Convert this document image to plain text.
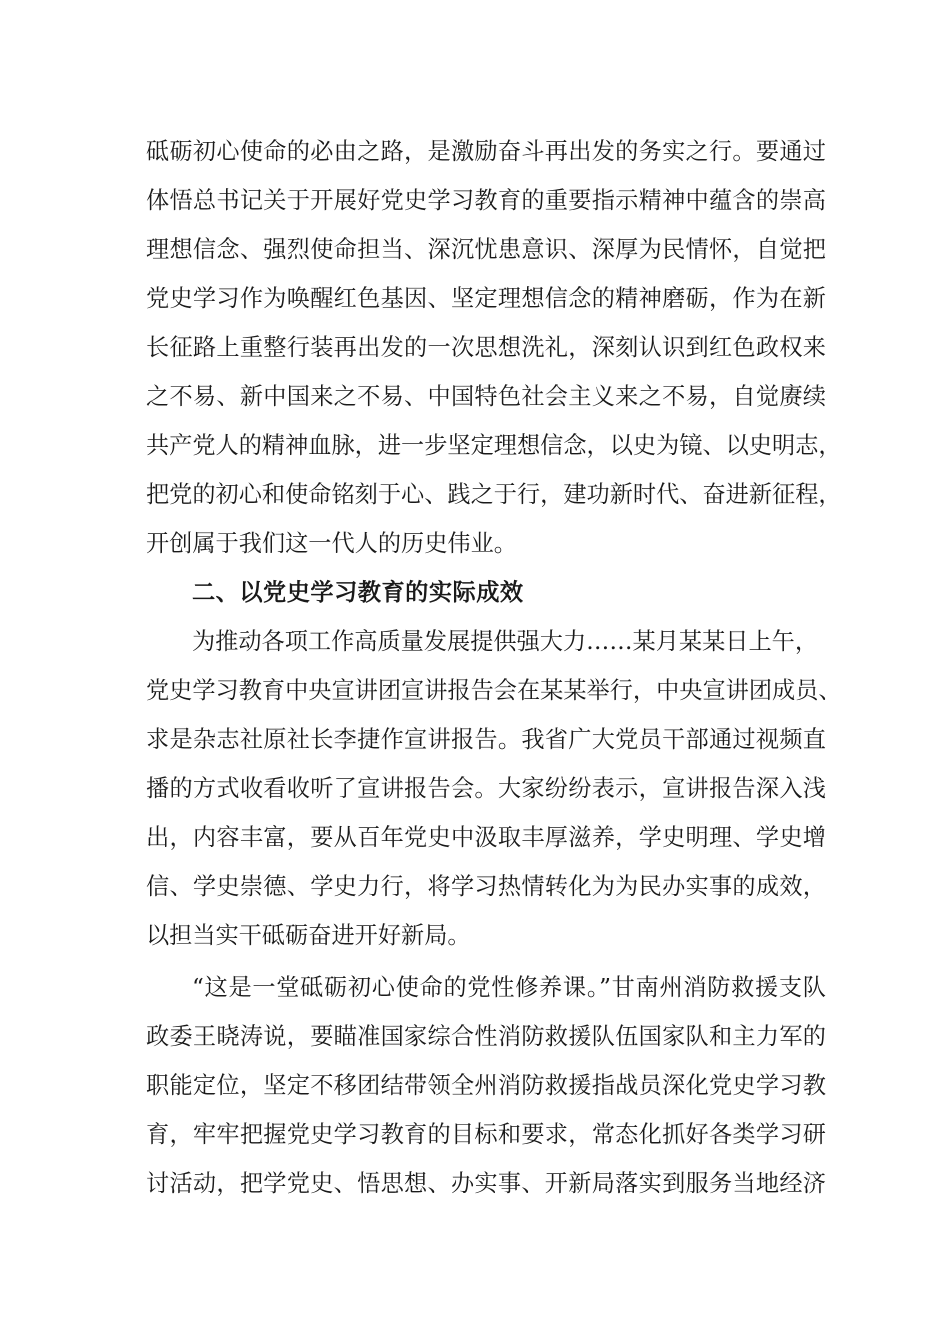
砥砺初心使命的必由之路，是激励奋斗再出发的务实之行。要通过
体悟总书记关于开展好党史学习教育的重要指示精神中蕴含的崇高
理想信念、强烈使命担当、深沉忧患意识、深厚为民情怀，自觉把
党史学习作为唤醒红色基因、坚定理想信念的精神磨砺，作为在新
长征路上重整行装再出发的一次思想洗礼，深刻认识到红色政权来
之不易、新中国来之不易、中国特色社会主义来之不易，自觉赓续
共产党人的精神血脉，进一步坚定理想信念，以史为镜、以史明志，
把党的初心和使命铭刻于心、践之于行，建功新时代、奋进新征程，
开创属于我们这一代人的历史伟业。
二、以党史学习教育的实际成效
为推动各项工作高质量发展提供强大力……某月某某日上午，
党史学习教育中央宣讲团宣讲报告会在某某举行，中央宣讲团成员、
求是杂志社原社长李捷作宣讲报告。我省广大党员干部通过视频直
播的方式收看收听了宣讲报告会。大家纷纷表示，宣讲报告深入浅
出，内容丰富，要从百年党史中汲取丰厚滋养，学史明理、学史增
信、学史崇德、学史力行，将学习热情转化为为民办实事的成效，
以担当实干砥砺奋进开好新局。
“这是一堂砥砺初心使命的党性修养课。”甘南州消防救援支队
政委王晓涛说，要瞄准国家综合性消防救援队伍国家队和主力军的
职能定位，坚定不移团结带领全州消防救援指战员深化党史学习教
育，牢牢把握党史学习教育的目标和要求，常态化抓好各类学习研
讨活动，把学党史、悟思想、办实事、开新局落实到服务当地经济
